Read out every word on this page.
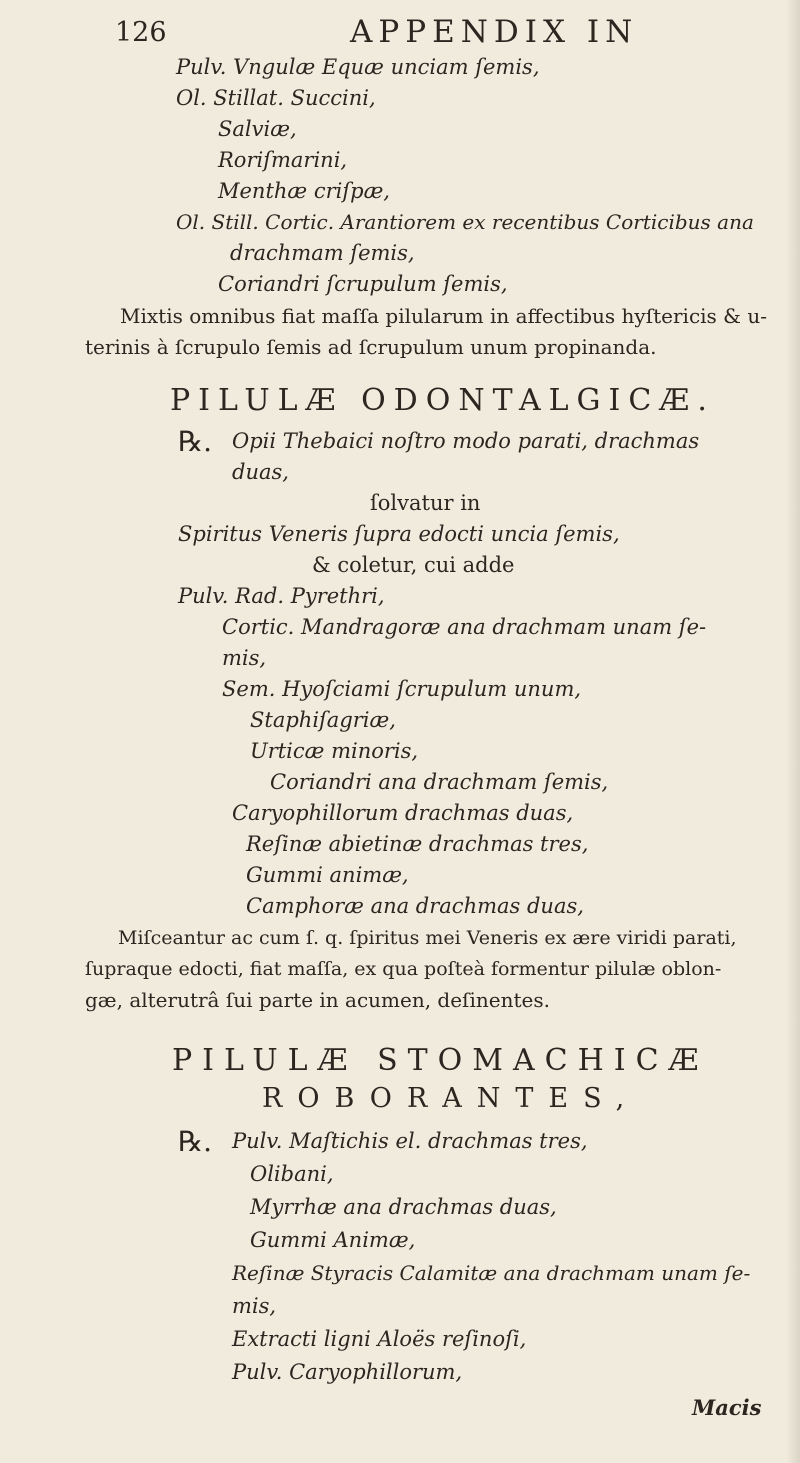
126	APPENDIX IN
Pulv. Vngulæ Equæ unciam ſemis,
Ol. Stillat. Succini,
Salviæ,
Roriſmarini,
Menthæ criſpæ,
Ol. Still. Cortic. Arantiorem ex recentibus Corticibus ana
drachmam ſemis,
Coriandri ſcrupulum ſemis,
Mixtis omnibus fiat maſſa pilularum in affectibus hyſtericis & u-
terinis à ſcrupulo ſemis ad ſcrupulum unum propinanda.
PILULÆ ODONTALGICÆ.
℞. Opii Thebaici noſtro modo parati, drachmas
duas,
ſolvatur in
Spiritus Veneris ſupra edocti uncia ſemis,
& coletur, cui adde
Pulv. Rad. Pyrethri,
Cortic. Mandragoræ ana drachmam unam ſe-
mis,
Sem. Hyoſciami ſcrupulum unum,
Staphiſagriæ,
Urticæ minoris,
Coriandri ana drachmam ſemis,
Caryophillorum drachmas duas,
Reſinæ abietinæ drachmas tres,
Gummi animæ,
Camphoræ ana drachmas duas,
Miſceantur ac cum ſ. q. ſpiritus mei Veneris ex ære viridi parati,
ſupraque edocti, fiat maſſa, ex qua poſteà formentur pilulæ oblon-
gæ, alterutrâ ſui parte in acumen, deſinentes.
PILULÆ STOMACHICÆ
ROBORANTES,
℞. Pulv. Maſtichis el. drachmas tres,
Olibani,
Myrrhæ ana drachmas duas,
Gummi Animæ,
Reſinæ Styracis Calamitæ ana drachmam unam ſe-
mis,
Extracti ligni Aloës reſinoſi,
Pulv. Caryophillorum,
Macis
